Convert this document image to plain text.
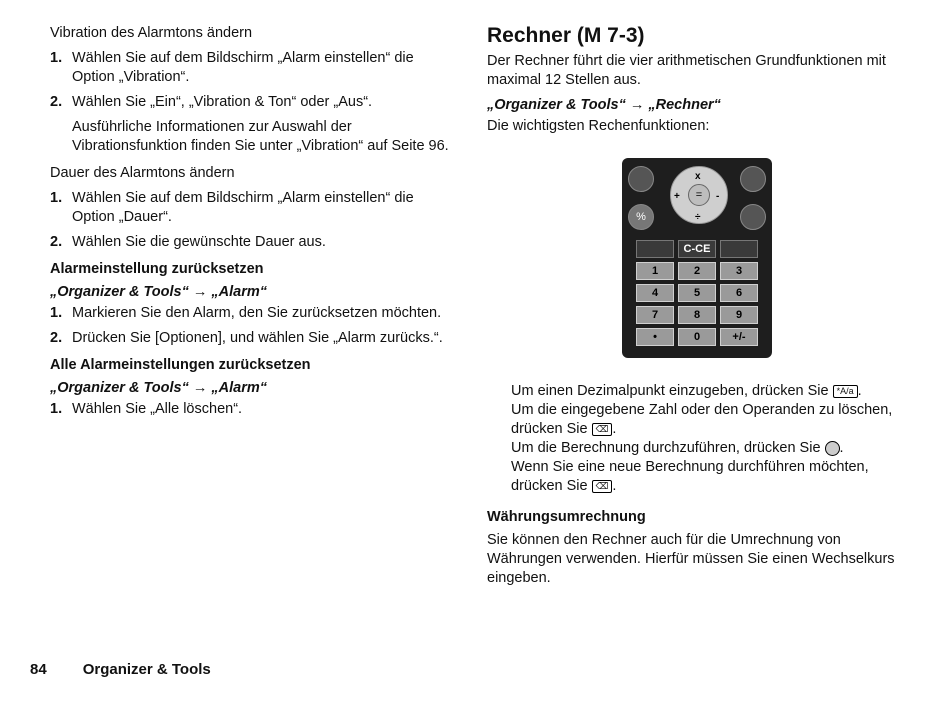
Vibration des Alarmtons ändern

1. Wählen Sie auf dem Bildschirm „Alarm einstellen“ die Option „Vibration“.
2. Wählen Sie „Ein“, „Vibration & Ton“ oder „Aus“.

Ausführliche Informationen zur Auswahl der Vibrationsfunktion finden Sie unter „Vibration“ auf Seite 96.

Dauer des Alarmtons ändern

1. Wählen Sie auf dem Bildschirm „Alarm einstellen“ die Option „Dauer“.
2. Wählen Sie die gewünschte Dauer aus.

Alarmeinstellung zurücksetzen

„Organizer & Tools“ → „Alarm“

1. Markieren Sie den Alarm, den Sie zurücksetzen möchten.
2. Drücken Sie [Optionen], und wählen Sie „Alarm zurücks.“.

Alle Alarmeinstellungen zurücksetzen

„Organizer & Tools“ → „Alarm“

1. Wählen Sie „Alle löschen“.

Rechner (M 7-3)

Der Rechner führt die vier arithmetischen Grundfunktionen mit maximal 12 Stellen aus.

„Organizer & Tools“ → „Rechner“

Die wichtigsten Rechenfunktionen:

%
x
+	-
÷
=
C-CE
1	2	3
4	5	6
7	8	9
•	0	+/-
Um einen Dezimalpunkt einzugeben, drücken Sie *A/a .
Um die eingegebene Zahl oder den Operanden zu löschen, drücken Sie ⌫ .
Um die Berechnung durchzuführen, drücken Sie .
Wenn Sie eine neue Berechnung durchführen möchten, drücken Sie ⌫ .

Währungsumrechnung

Sie können den Rechner auch für die Umrechnung von Währungen verwenden. Hierfür müssen Sie einen Wechselkurs eingeben.

84 Organizer & Tools
